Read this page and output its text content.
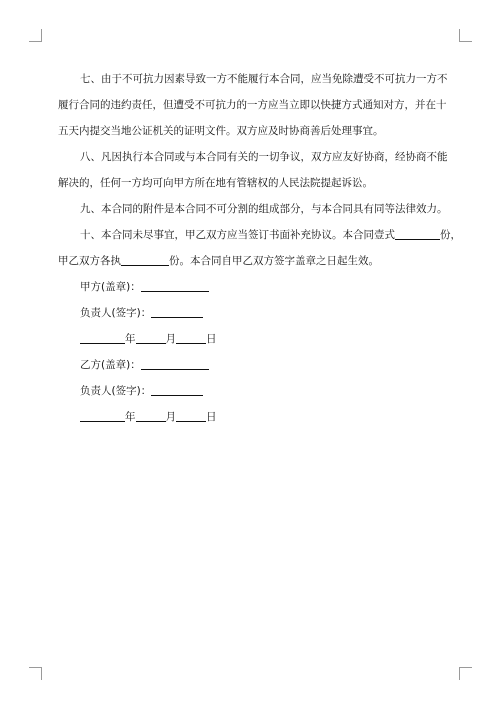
七、由于不可抗力因素导致一方不能履行本合同，应当免除遭受不可抗力一方不
履行合同的违约责任，但遭受不可抗力的一方应当立即以快捷方式通知对方，并在十
五天内提交当地公证机关的证明文件。双方应及时协商善后处理事宜。
八、凡因执行本合同或与本合同有关的一切争议，双方应友好协商，经协商不能
解决的，任何一方均可向甲方所在地有管辖权的人民法院提起诉讼。
九、本合同的附件是本合同不可分割的组成部分，与本合同具有同等法律效力。
十、本合同未尽事宜，甲乙双方应当签订书面补充协议。本合同壹式	份，
甲乙双方各执	份。本合同自甲乙双方签字盖章之日起生效。
甲方(盖章)：
负责人(签字)：
年	月	日
乙方(盖章)：
负责人(签字)：
年	月	日
